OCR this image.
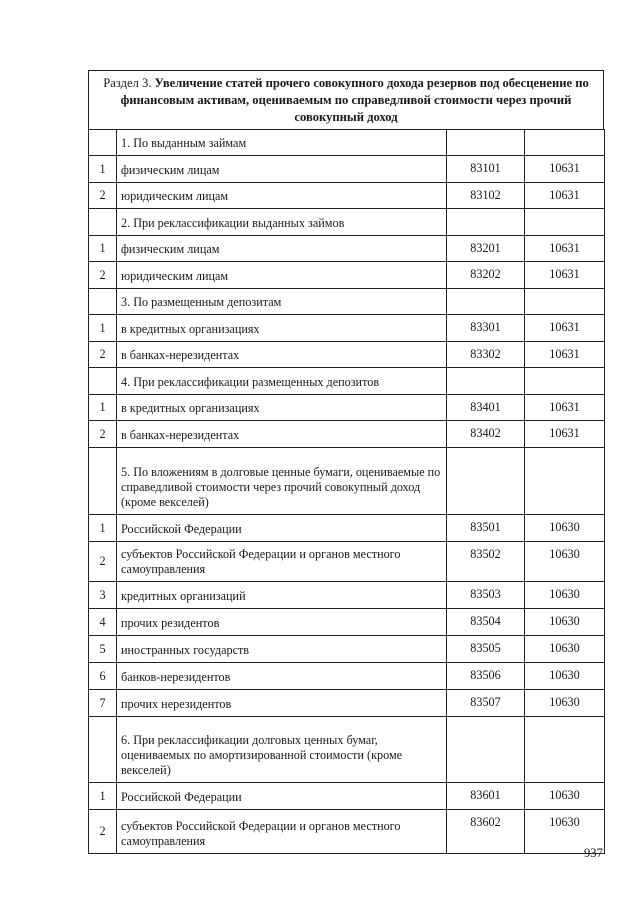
Раздел 3. Увеличение статей прочего совокупного дохода резервов под обесценение по финансовым активам, оцениваемым по справедливой стоимости через прочий совокупный доход
	1. По выданным займам		
1	физическим лицам	83101	10631
2	юридическим лицам	83102	10631
	2. При реклассификации выданных займов		
1	физическим лицам	83201	10631
2	юридическим лицам	83202	10631
	3. По размещенным депозитам		
1	в кредитных организациях	83301	10631
2	в банках-нерезидентах	83302	10631
	4. При реклассификации размещенных депозитов		
1	в кредитных организациях	83401	10631
2	в банках-нерезидентах	83402	10631
	5. По вложениям в долговые ценные бумаги, оцениваемые по справедливой стоимости через прочий совокупный доход (кроме векселей)		
1	Российской Федерации	83501	10630
2	субъектов Российской Федерации и органов местного самоуправления	83502	10630
3	кредитных организаций	83503	10630
4	прочих резидентов	83504	10630
5	иностранных государств	83505	10630
6	банков-нерезидентов	83506	10630
7	прочих нерезидентов	83507	10630
	6. При реклассификации долговых ценных бумаг, оцениваемых по амортизированной стоимости (кроме векселей)		
1	Российской Федерации	83601	10630
2	субъектов Российской Федерации и органов местного самоуправления	83602	10630
937
